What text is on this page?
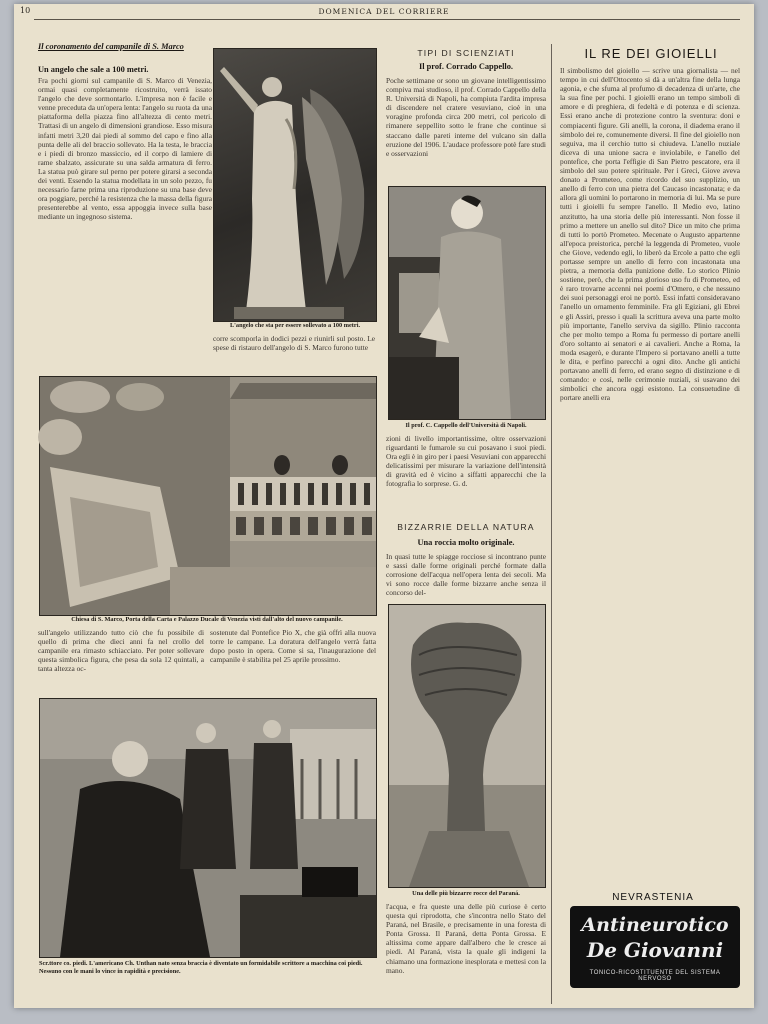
10	DOMENICA DEL CORRIERE
Il coronamento del campanile di S. Marco
Un angelo che sale a 100 metri.
Fra pochi giorni sul campanile di S. Marco di Venezia, ormai quasi completamente ricostruito, verrà issato l'angelo che deve sormontarlo. L'impresa non è facile e venne preceduta da un'opera lenta: l'angelo su ruota da una piattaforma della piazza fino all'altezza di cento metri. Trattasi di un angelo di dimensioni grandiose. Esso misura infatti metri 3,20 dai piedi al sommo del capo e fino alla punta delle ali del braccio sollevato. Ha la testa, le braccia e i piedi di bronzo massiccio, ed il corpo di lamiere di rame sbalzato, assicurate su una salda armatura di ferro. La statua può girare sul perno per potere girarsi a seconda dei venti. Essendo la statua modellata in un solo pezzo, fu necessario farne prima una riproduzione su una base deve ora poggiare, perché la resistenza che la massa della figura presenterebbe al vento, essa appoggia invece sulla base mediante un ingegnoso sistema.
L'angelo che sta per essere sollevato a 100 metri.
corre scomporla in dodici pezzi e riunirli sul posto. Le spese di ristauro dell'angelo di S. Marco furono tutte
Chiesa di S. Marco, Porta della Carta e Palazzo Ducale di Venezia visti dall'alto del nuovo campanile.
sull'angelo utilizzando tutto ciò che fu possibile di quello di prima che dieci anni fa nel crollo del campanile era rimasto schiacciato. Per poter sollevare questa simbolica figura, che pesa da sola 12 quintali, a tanta altezza oc-
sostenute dal Pontefice Pio X, che già offrì alla nuova torre le campane. La doratura dell'angelo verrà fatta dopo posto in opera. Come si sa, l'inaugurazione del campanile è stabilita pel 25 aprile prossimo.
Scr.ttore co. piedi. L'americano Ch. Unthan nato senza braccia è diventato un formidabile scrittore a macchina coi piedi. Nessuno con le mani lo vince in rapidità e precisione.
TIPI DI SCIENZIATI
Il prof. Corrado Cappello.
Poche settimane or sono un giovane intelligentissimo compiva mai studioso, il prof. Corrado Cappello della R. Università di Napoli, ha compiuta l'ardita impresa di discendere nel cratere vesuviano, cioè in una voragine profonda circa 200 metri, col pericolo di rimanere seppellito sotto le frane che continue si staccano dalle pareti interne del vulcano sin dalla eruzione del 1906. L'audace professore potè fare studi e osservazioni
Il prof. C. Cappello dell'Università di Napoli.
zioni di livello importantissime, oltre osservazioni riguardanti le fumarole su cui posavano i suoi piedi. Ora egli è in giro per i paesi Vesuviani con apparecchi delicatissimi per misurare la variazione dell'intensità di gravità ed è vicino a siffatti apparecchi che la fotografia lo sorprese. G. d.
BIZZARRIE DELLA NATURA
Una roccia molto originale.
In quasi tutte le spiagge rocciose si incontrano punte e sassi dalle forme originali perché formate dalla corrosione dell'acqua nell'opera lenta dei secoli. Ma vi sono rocce dalle forme bizzarre anche senza il concorso del-
Una delle più bizzarre rocce del Paraná.
l'acqua, e fra queste una delle più curiose è certo questa qui riprodotta, che s'incontra nello Stato del Paraná, nel Brasile, e precisamente in una foresta di Ponta Grossa. Il Paraná, detta Ponta Grossa. E altissima come appare dall'albero che le cresce ai piedi. Al Paraná, vista la quale gli indigeni la chiamano una formazione inesplorata e mettesi con la mano.
IL RE DEI GIOIELLI
Il simbolismo del gioiello — scrive una giornalista — nel tempo in cui dell'Ottocento si dà a un'altra fine della lunga agonia, e che sfuma al profumo di decadenza di un'arte, che la sua fine per pochi. I gioielli erano un tempo simboli di amore e di preghiera, di fedeltà e di potenza e di scienza. Essi erano anche di protezione contro la sventura: doni e compiacenti figure. Gli anelli, la corona, il diadema erano il simbolo dei re, comunemente diversi. Il fine del gioiello non seguiva, ma il cerchio tutto si chiudeva. L'anello nuziale diceva di una unione sacra e inviolabile, e l'anello del pontefice, che porta l'effigie di San Pietro pescatore, era il simbolo del suo potere spirituale. Per i Greci, Giove aveva donato a Prometeo, come ricordo del suo supplizio, un anello di ferro con una pietra del Caucaso incastonata; e da allora gli uomini lo portarono in memoria di lui. Ma se pure tutti i gioielli fu sempre l'anello. Il Medio evo, latino anzitutto, ha una storia delle più interessanti. Non fosse il primo a mettere un anello sul dito? Dice un mito che prima di tutti lo portò Prometeo. Mecenate o Augusto appartenne all'epoca preistorica, perché la leggenda di Prometeo, vuole che Giove, vedendo egli, lo liberò da Ercole a patto che egli portasse sempre un anello di ferro con incastonata una pietra, a memoria della punizione delle. Lo storico Plinio sostiene, però, che la prima glorioso uso fu di Prometeo, ed è raro trovarne accenni nei poemi d'Omero, e che nessuno dei suoi personaggi eroi ne portò. Essi infatti consideravano l'anello un ornamento femminile. Fra gli Egiziani, gli Ebrei e gli Assiri, presso i quali la scrittura aveva una parte molto più importante, l'anello serviva da sigillo. Plinio racconta che per molto tempo a Roma fu permesso di portare anelli d'oro soltanto ai senatori e ai cavalieri. Anche a Roma, la moda esagerò, e durante l'Impero si portavano anelli a tutte le dita, e perfino parecchi a ogni dito. Anche gli antichi portavano anelli di ferro, ed erano segno di distinzione e di comando: e così, nelle cerimonie nuziali, si usavano dei simbolici che ancora oggi esistono. La consuetudine di portare anelli era
NEVRASTENIA
Antineurotico
De Giovanni
TONICO-RICOSTITUENTE DEL SISTEMA NERVOSO
